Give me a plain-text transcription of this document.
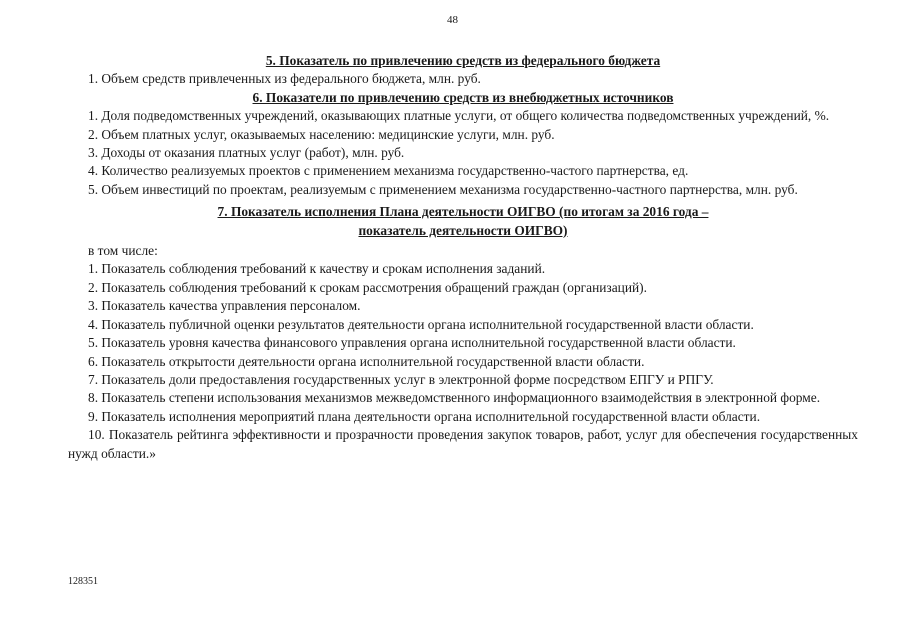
48

5. Показатель по привлечению средств из федерального бюджета

1. Объем средств привлеченных из федерального бюджета, млн. руб.

6. Показатели по привлечению средств из внебюджетных источников

1. Доля подведомственных учреждений, оказывающих платные услуги, от общего количества подведомственных учреждений, %.

2. Объем платных услуг, оказываемых населению: медицинские услуги, млн. руб.

3. Доходы от оказания платных услуг (работ), млн. руб.

4. Количество реализуемых проектов с применением механизма государственно-частого партнерства, ед.

5. Объем инвестиций по проектам, реализуемым с применением механизма государственно-частного партнерства, млн. руб.

7. Показатель исполнения Плана деятельности ОИГВО (по итогам за 2016 года –

показатель деятельности ОИГВО)

в том числе:

1. Показатель соблюдения требований к качеству и срокам исполнения заданий.

2. Показатель соблюдения требований к срокам рассмотрения обращений граждан (организаций).

3. Показатель качества управления персоналом.

4. Показатель публичной оценки результатов деятельности органа исполнительной государственной власти области.

5. Показатель уровня качества финансового управления органа исполнительной государственной власти области.

6. Показатель открытости деятельности органа исполнительной государственной власти области.

7. Показатель доли предоставления государственных услуг в электронной форме посредством ЕПГУ и РПГУ.

8. Показатель степени использования механизмов межведомственного информационного взаимодействия в электронной форме.

9. Показатель исполнения мероприятий плана деятельности органа исполнительной государственной власти области.

10. Показатель рейтинга эффективности и прозрачности проведения закупок товаров, работ, услуг для обеспечения государственных нужд области.»

128351
